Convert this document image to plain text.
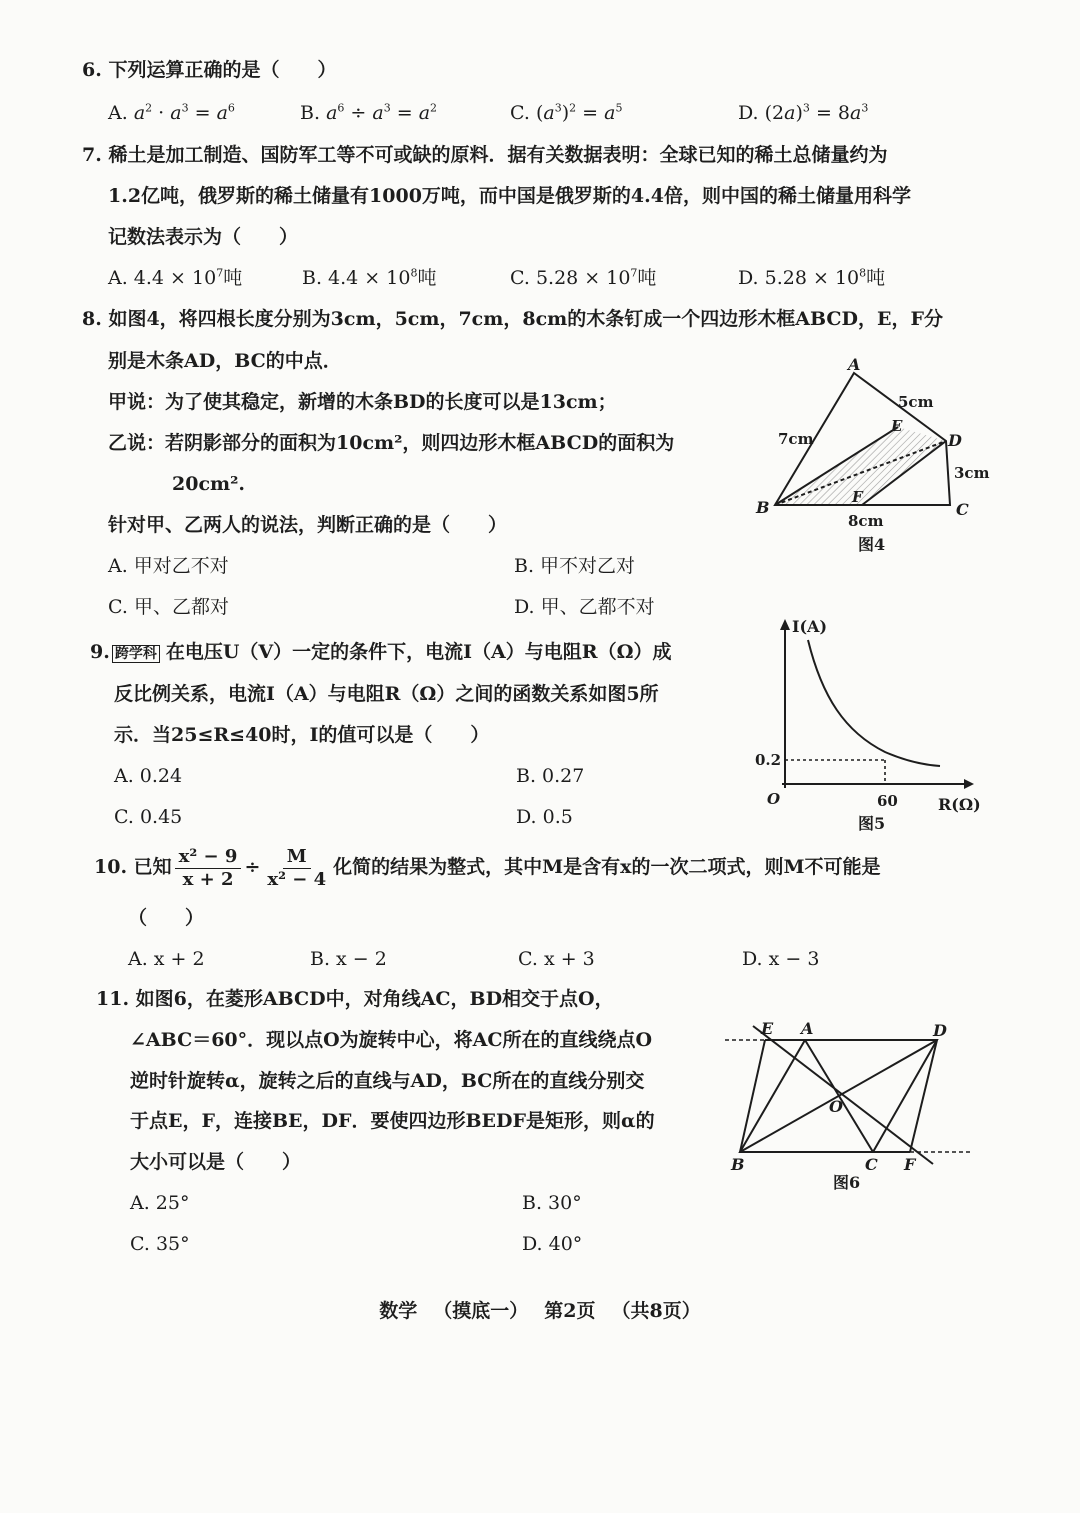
6. 下列运算正确的是（　　）
A. $a^2 \cdot a^3 = a^6$	B. $a^6 \div a^3 = a^2$	C. $(a^3)^2 = a^5$	D. $(2a)^3 = 8a^3$
7. 稀土是加工制造、国防军工等不可或缺的原料．据有关数据表明：全球已知的稀土总储量约为
1.2亿吨，俄罗斯的稀土储量有1000万吨，而中国是俄罗斯的4.4倍，则中国的稀土储量用科学
记数法表示为（　　）
A. $4.4 \times 10^7$吨	B. $4.4 \times 10^8$吨	C. $5.28 \times 10^7$吨	D. $5.28 \times 10^8$吨
8. 如图4，将四根长度分别为3cm，5cm，7cm，8cm的木条钉成一个四边形木框ABCD，E，F分
别是木条AD，BC的中点．
甲说：为了使其稳定，新增的木条BD的长度可以是13cm；
乙说：若阴影部分的面积为10cm²，则四边形木框ABCD的面积为
20cm².
针对甲、乙两人的说法，判断正确的是（　　）
A. 甲对乙不对	B. 甲不对乙对
C. 甲、乙都对	D. 甲、乙都不对
A
B	C
D
E
F
5cm
7cm
3cm
8cm
图4
9. 跨学科 在电压U（V）一定的条件下，电流I（A）与电阻R（Ω）成
反比例关系，电流I（A）与电阻R（Ω）之间的函数关系如图5所
示．当25≤R≤40时，I的值可以是（　　）
A. 0.24	B. 0.27
C. 0.45	D. 0.5
I(A)
R(Ω)
O
0.2
60
图5
10. 已知 $\frac{\text{x² − 9}}{x + 2} \div \frac{M}{\text{x² − 4}}$ 化简的结果为整式，其中M是含有x的一次二项式，则M不可能是
（　　）
A. x + 2	B. x − 2	C. x + 3	D. x − 3
11. 如图6，在菱形ABCD中，对角线AC，BD相交于点O，
∠ABC＝60°．现以点O为旋转中心，将AC所在的直线绕点O
逆时针旋转α，旋转之后的直线与AD，BC所在的直线分别交
于点E，F，连接BE，DF．要使四边形BEDF是矩形，则α的
大小可以是（　　）
A. 25°	B. 30°
C. 35°	D. 40°
E A	D
O
B	C F
图6
数学 （摸底一） 第2页 （共8页）
